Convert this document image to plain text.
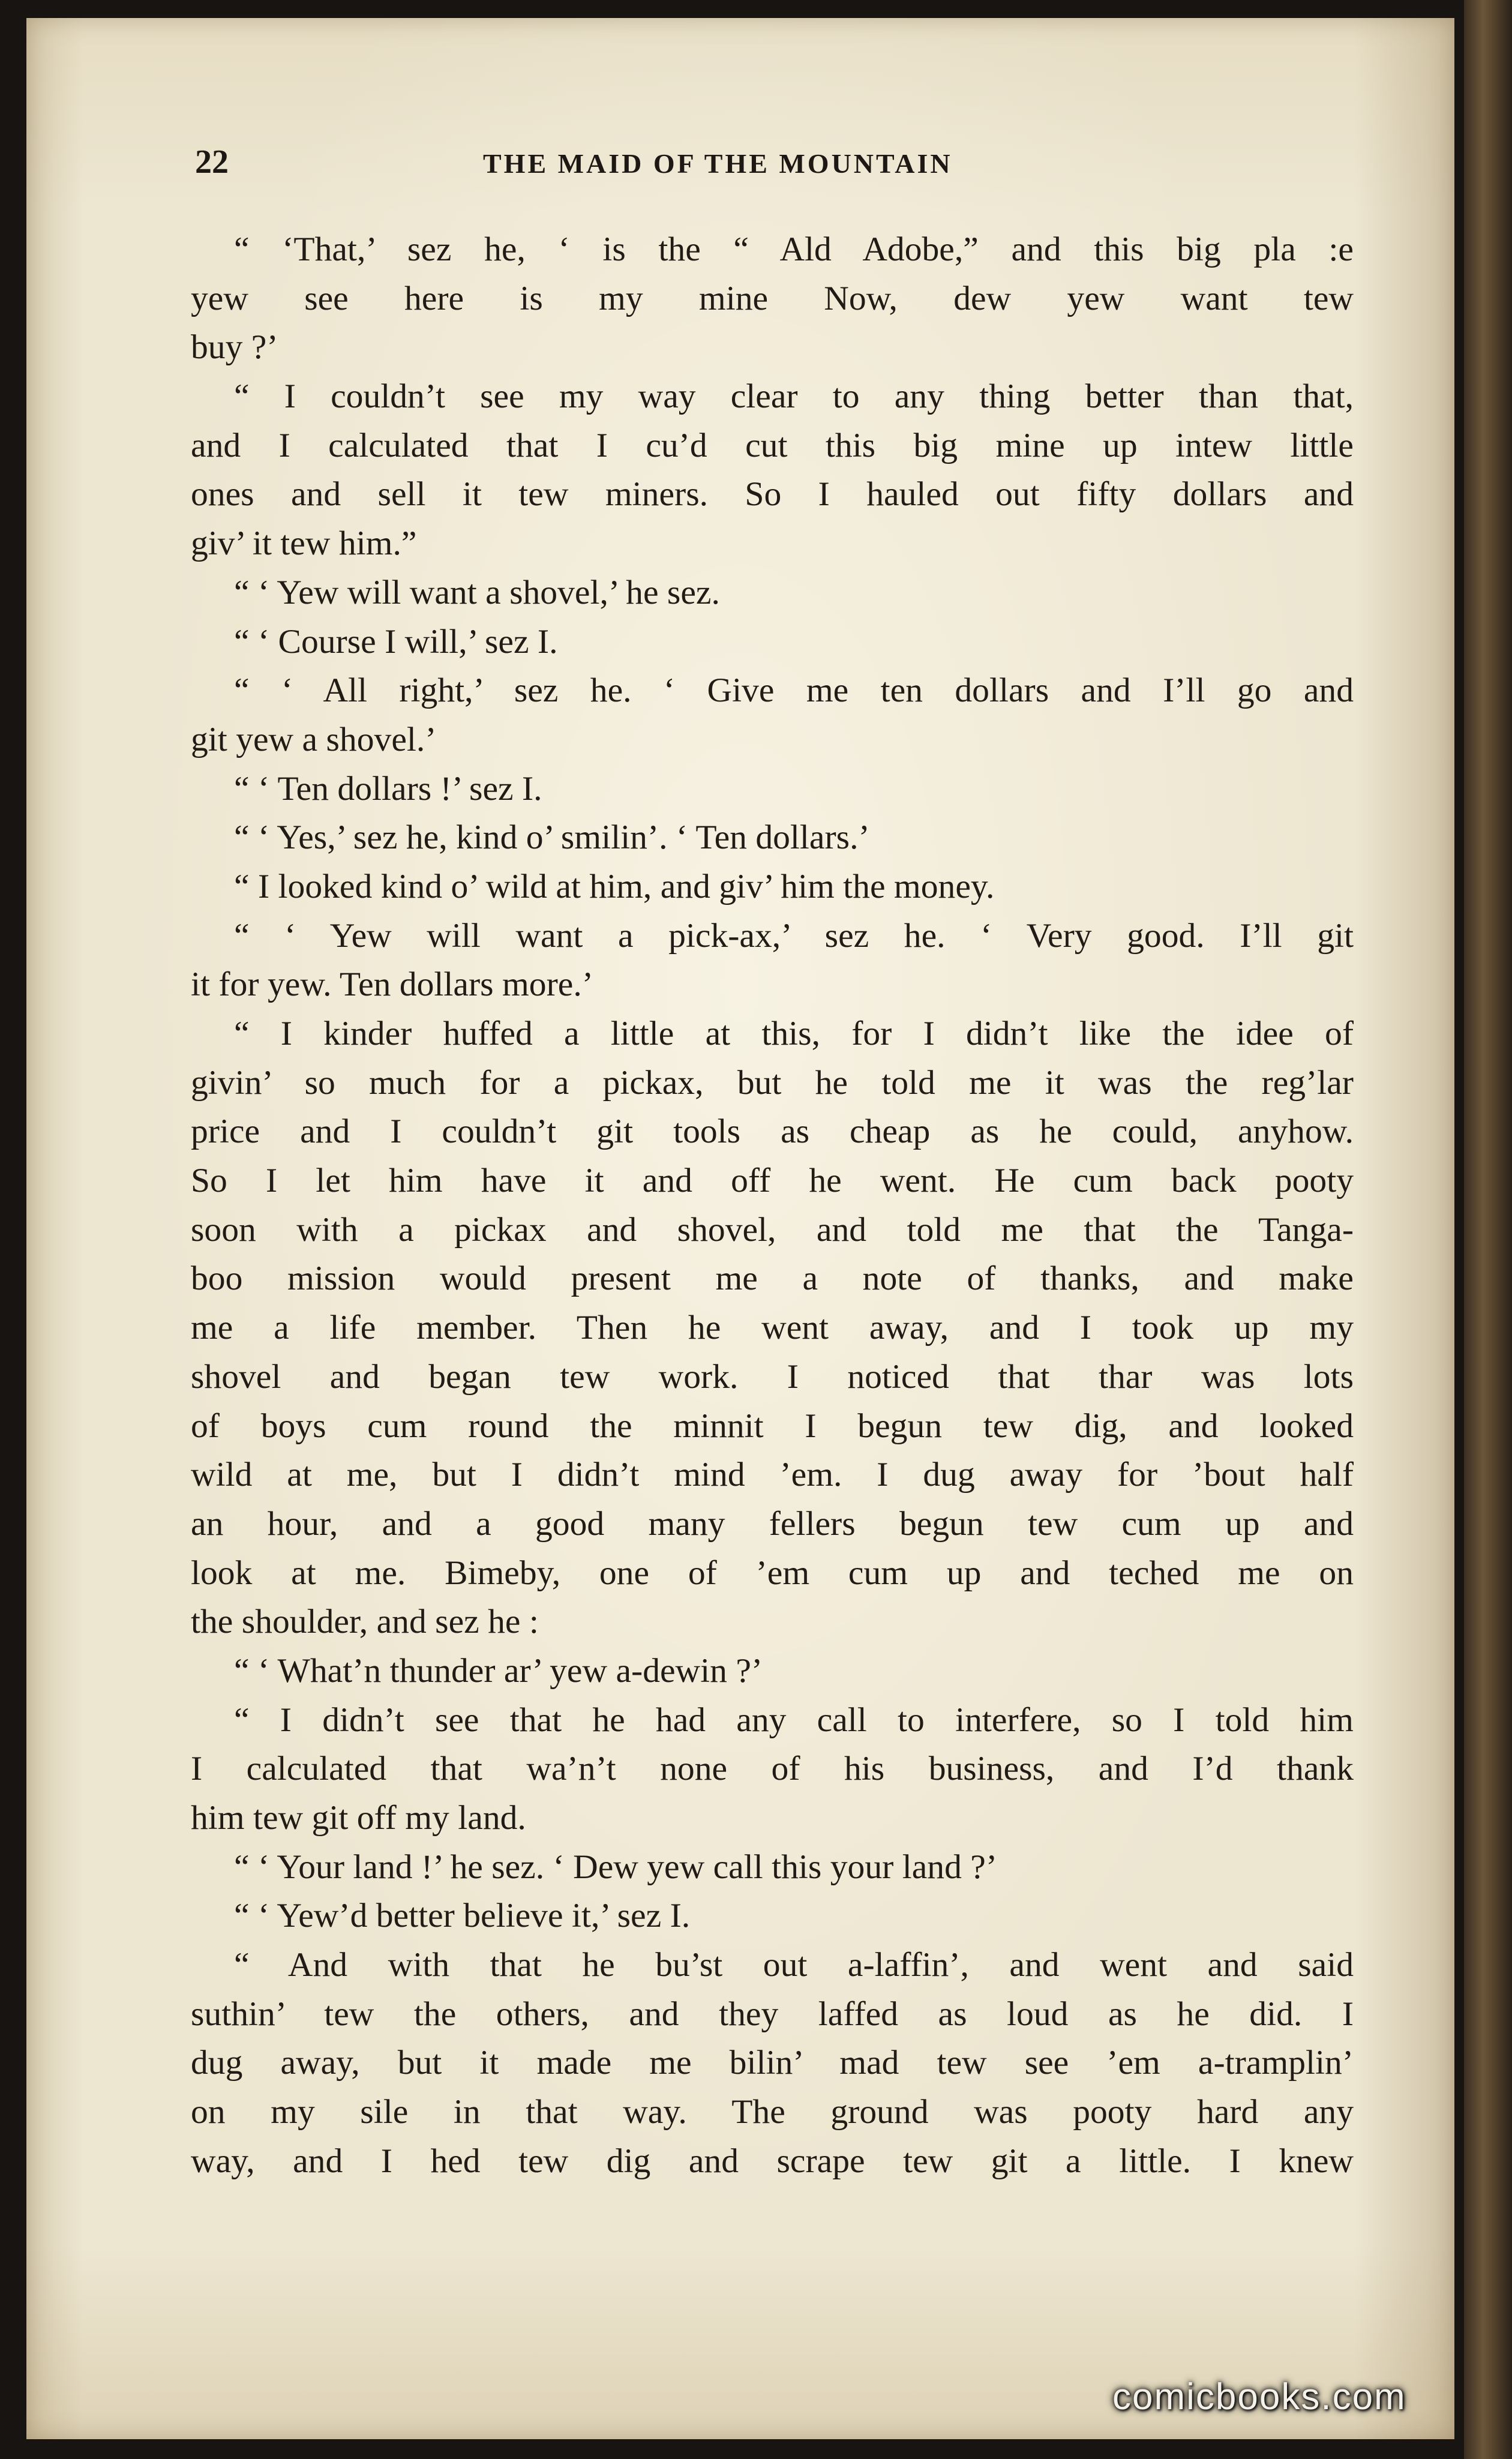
22	THE MAID OF THE MOUNTAIN
“ ‘That,’ sez he, ‘ is the “ Ald Adobe,” and this big pla :e
yew see here is my mine Now, dew yew want tew
buy ?’
“ I couldn’t see my way clear to any thing better than that,
and I calculated that I cu’d cut this big mine up intew little
ones and sell it tew miners. So I hauled out fifty dollars and
giv’ it tew him.”
“ ‘ Yew will want a shovel,’ he sez.
“ ‘ Course I will,’ sez I.
“ ‘ All right,’ sez he. ‘ Give me ten dollars and I’ll go and
git yew a shovel.’
“ ‘ Ten dollars !’ sez I.
“ ‘ Yes,’ sez he, kind o’ smilin’. ‘ Ten dollars.’
“ I looked kind o’ wild at him, and giv’ him the money.
“ ‘ Yew will want a pick-ax,’ sez he. ‘ Very good. I’ll git
it for yew. Ten dollars more.’
“ I kinder huffed a little at this, for I didn’t like the idee of
givin’ so much for a pickax, but he told me it was the reg’lar
price and I couldn’t git tools as cheap as he could, anyhow.
So I let him have it and off he went. He cum back pooty
soon with a pickax and shovel, and told me that the Tanga-
boo mission would present me a note of thanks, and make
me a life member. Then he went away, and I took up my
shovel and began tew work. I noticed that thar was lots
of boys cum round the minnit I begun tew dig, and looked
wild at me, but I didn’t mind ’em. I dug away for ’bout half
an hour, and a good many fellers begun tew cum up and
look at me. Bimeby, one of ’em cum up and teched me on
the shoulder, and sez he :
“ ‘ What’n thunder ar’ yew a-dewin ?’
“ I didn’t see that he had any call to interfere, so I told him
I calculated that wa’n’t none of his business, and I’d thank
him tew git off my land.
“ ‘ Your land !’ he sez. ‘ Dew yew call this your land ?’
“ ‘ Yew’d better believe it,’ sez I.
“ And with that he bu’st out a-laffin’, and went and said
suthin’ tew the others, and they laffed as loud as he did. I
dug away, but it made me bilin’ mad tew see ’em a-tramplin’
on my sile in that way. The ground was pooty hard any
way, and I hed tew dig and scrape tew git a little. I knew
comicbooks.com
